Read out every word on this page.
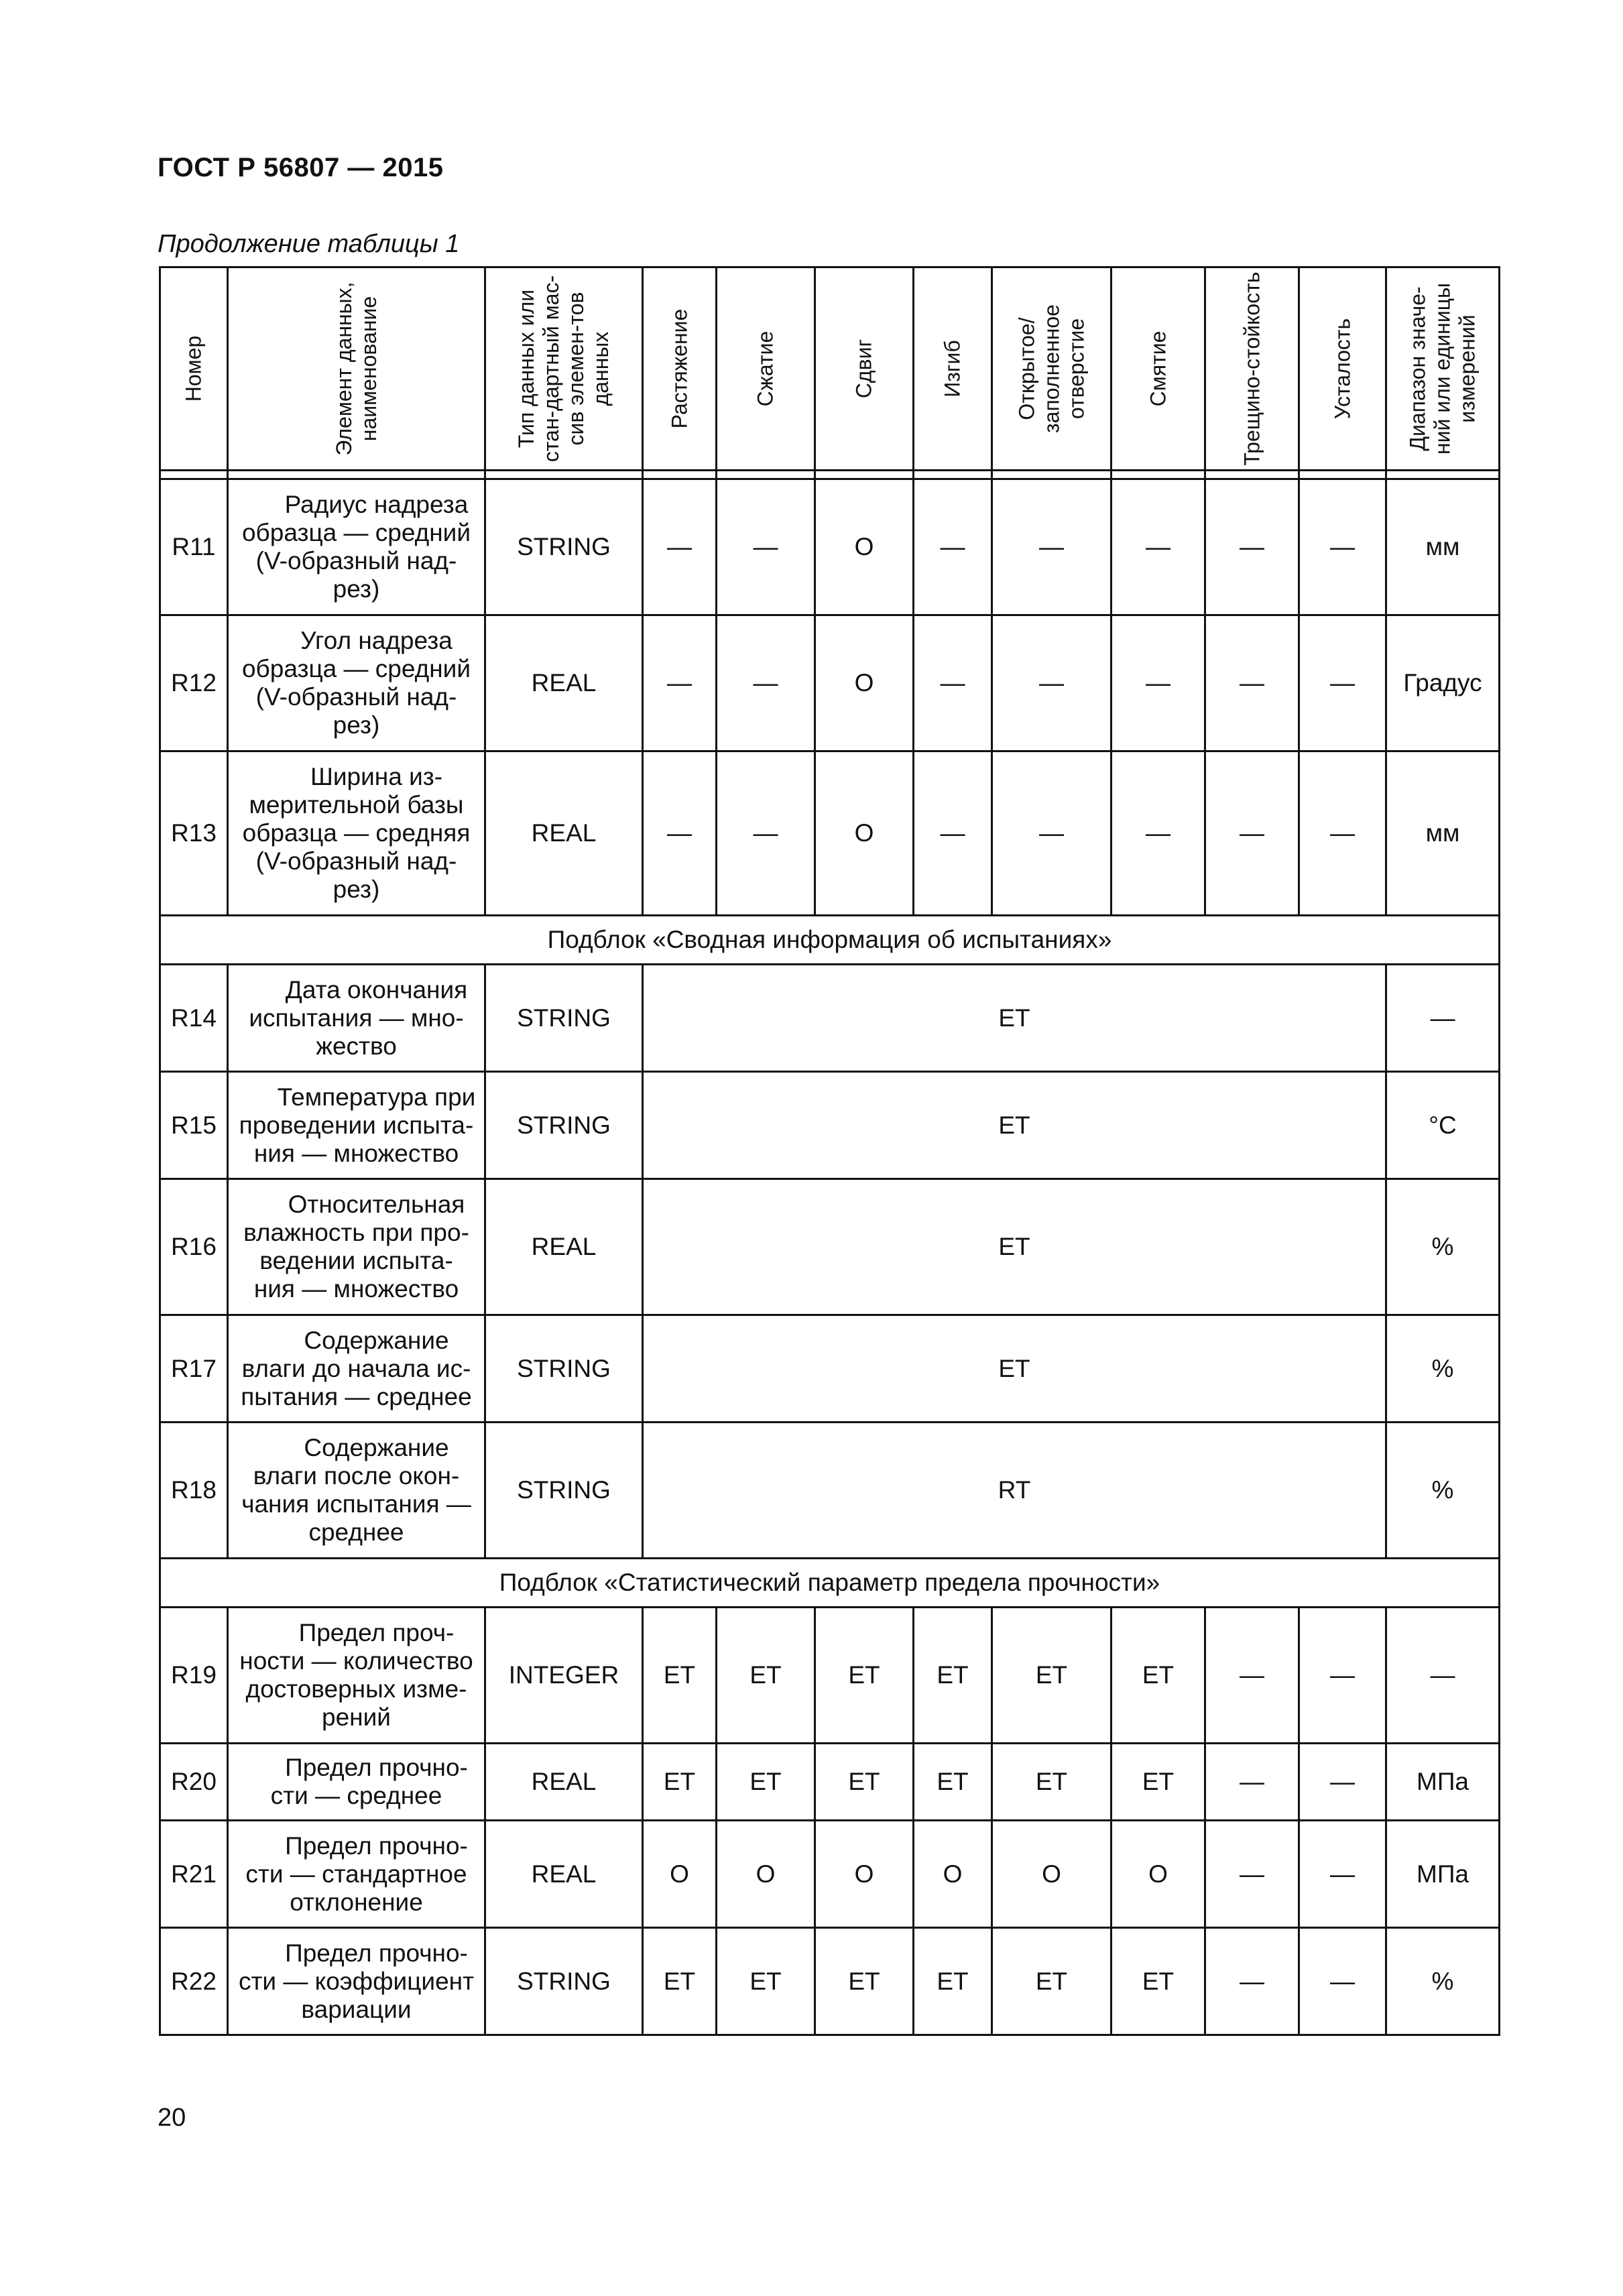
ГОСТ Р 56807 — 2015
Продолжение таблицы 1
Номер	Элемент данных, наименование	Тип данных или стан-дартный мас-сив элемен-тов данных	Растяжение	Сжатие	Сдвиг	Изгиб	Открытое/ заполненное отверстие	Смятие	Трещино-стойкость	Усталость	Диапазон значе-ний или единицы измерений

R11	Радиус надреза
образца — средний
(V-образный над-
рез)	STRING	—	—	O	—	—	—	—	—	мм
R12	Угол надреза
образца — средний
(V-образный над-
рез)	REAL	—	—	O	—	—	—	—	—	Градус
R13	Ширина из-
мерительной базы
образца — средняя
(V-образный над-
рез)	REAL	—	—	O	—	—	—	—	—	мм
Подблок «Сводная информация об испытаниях»											
R14	Дата окончания
испытания — мно-
жество	STRING	ET								—
R15	Температура при
проведении испыта-
ния — множество	STRING	ET								°C
R16	Относительная
влажность при про-
ведении испыта-
ния — множество	REAL	ET								%
R17	Содержание
влаги до начала ис-
пытания — среднее	STRING	ET								%
R18	Содержание
влаги после окон-
чания испытания —
среднее	STRING	RT								%
Подблок «Статистический параметр предела прочности»											
R19	Предел проч-
ности — количество
достоверных изме-
рений	INTEGER	ET	ET	ET	ET	ET	ET	—	—	—
R20	Предел прочно-
сти — среднее	REAL	ET	ET	ET	ET	ET	ET	—	—	МПа
R21	Предел прочно-
сти — стандартное
отклонение	REAL	O	O	O	O	O	O	—	—	МПа
R22	Предел прочно-
сти — коэффициент
вариации	STRING	ET	ET	ET	ET	ET	ET	—	—	%
20
